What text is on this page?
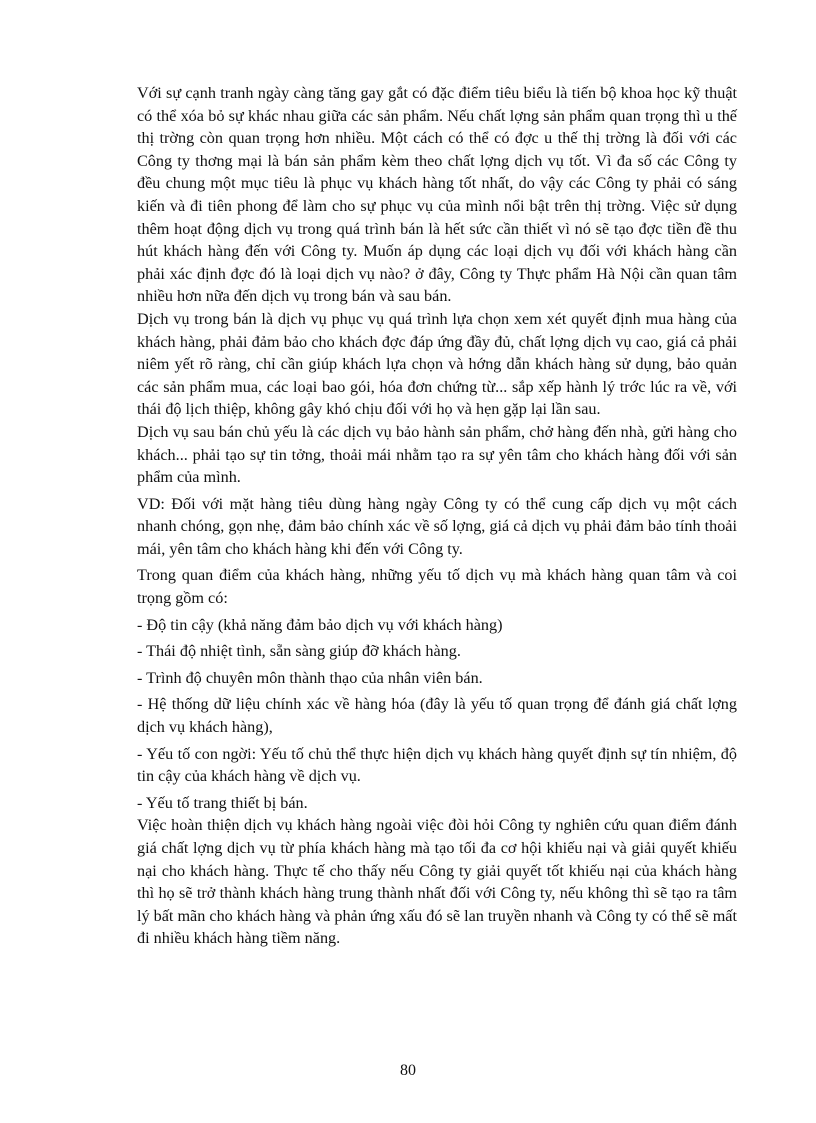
Với sự cạnh tranh ngày càng tăng gay gắt có đặc điểm tiêu biểu là tiến bộ khoa học kỹ thuật có thể xóa bỏ sự khác nhau giữa các sản phẩm. Nếu chất lợng sản phẩm quan trọng thì u thế thị trờng còn quan trọng hơn nhiều. Một cách có thể có đợc u thế thị trờng là đối với các Công ty thơng mại là bán sản phẩm kèm theo chất lợng dịch vụ tốt. Vì đa số các Công ty đều chung một mục tiêu là phục vụ khách hàng tốt nhất, do vậy các Công ty phải có sáng kiến và đi tiên phong để làm cho sự phục vụ của mình nổi bật trên thị trờng. Việc sử dụng thêm hoạt động dịch vụ trong quá trình bán là hết sức cần thiết vì nó sẽ tạo đợc tiền đề thu hút khách hàng đến với Công ty. Muốn áp dụng các loại dịch vụ đối với khách hàng cần phải xác định đợc đó là loại dịch vụ nào? ở đây, Công ty Thực phẩm Hà Nội cần quan tâm nhiều hơn nữa đến dịch vụ trong bán và sau bán.

Dịch vụ trong bán là dịch vụ phục vụ quá trình lựa chọn xem xét quyết định mua hàng của khách hàng, phải đảm bảo cho khách đợc đáp ứng đầy đủ, chất lợng dịch vụ cao, giá cả phải niêm yết rõ ràng, chỉ cần giúp khách lựa chọn và hớng dẫn khách hàng sử dụng, bảo quản các sản phẩm mua, các loại bao gói, hóa đơn chứng từ... sắp xếp hành lý trớc lúc ra về, với thái độ lịch thiệp, không gây khó chịu đối với họ và hẹn gặp lại lần sau.

Dịch vụ sau bán chủ yếu là các dịch vụ bảo hành sản phẩm, chở hàng đến nhà, gửi hàng cho khách... phải tạo sự tin tởng, thoải mái nhằm tạo ra sự yên tâm cho khách hàng đối với sản phẩm của mình.

VD: Đối với mặt hàng tiêu dùng hàng ngày Công ty có thể cung cấp dịch vụ một cách nhanh chóng, gọn nhẹ, đảm bảo chính xác về số lợng, giá cả dịch vụ phải đảm bảo tính thoải mái, yên tâm cho khách hàng khi đến với Công ty.

Trong quan điểm của khách hàng, những yếu tố dịch vụ mà khách hàng quan tâm và coi trọng gồm có:

- Độ tin cậy (khả năng đảm bảo dịch vụ với khách hàng)

- Thái độ nhiệt tình, sẵn sàng giúp đỡ khách hàng.

- Trình độ chuyên môn thành thạo của nhân viên bán.

- Hệ thống dữ liệu chính xác về hàng hóa (đây là yếu tố quan trọng để đánh giá chất lợng dịch vụ khách hàng),

- Yếu tố con ngời: Yếu tố chủ thể thực hiện dịch vụ khách hàng quyết định sự tín nhiệm, độ tin cậy của khách hàng về dịch vụ.

- Yếu tố trang thiết bị bán.

Việc hoàn thiện dịch vụ khách hàng ngoài việc đòi hỏi Công ty nghiên cứu quan điểm đánh giá chất lợng dịch vụ từ phía khách hàng mà tạo tối đa cơ hội khiếu nại và giải quyết khiếu nại cho khách hàng. Thực tế cho thấy nếu Công ty giải quyết tốt khiếu nại của khách hàng thì họ sẽ trở thành khách hàng trung thành nhất đối với Công ty, nếu không thì sẽ tạo ra tâm lý bất mãn cho khách hàng và phản ứng xấu đó sẽ lan truyền nhanh và Công ty có thể sẽ mất đi nhiều khách hàng tiềm năng.

80
